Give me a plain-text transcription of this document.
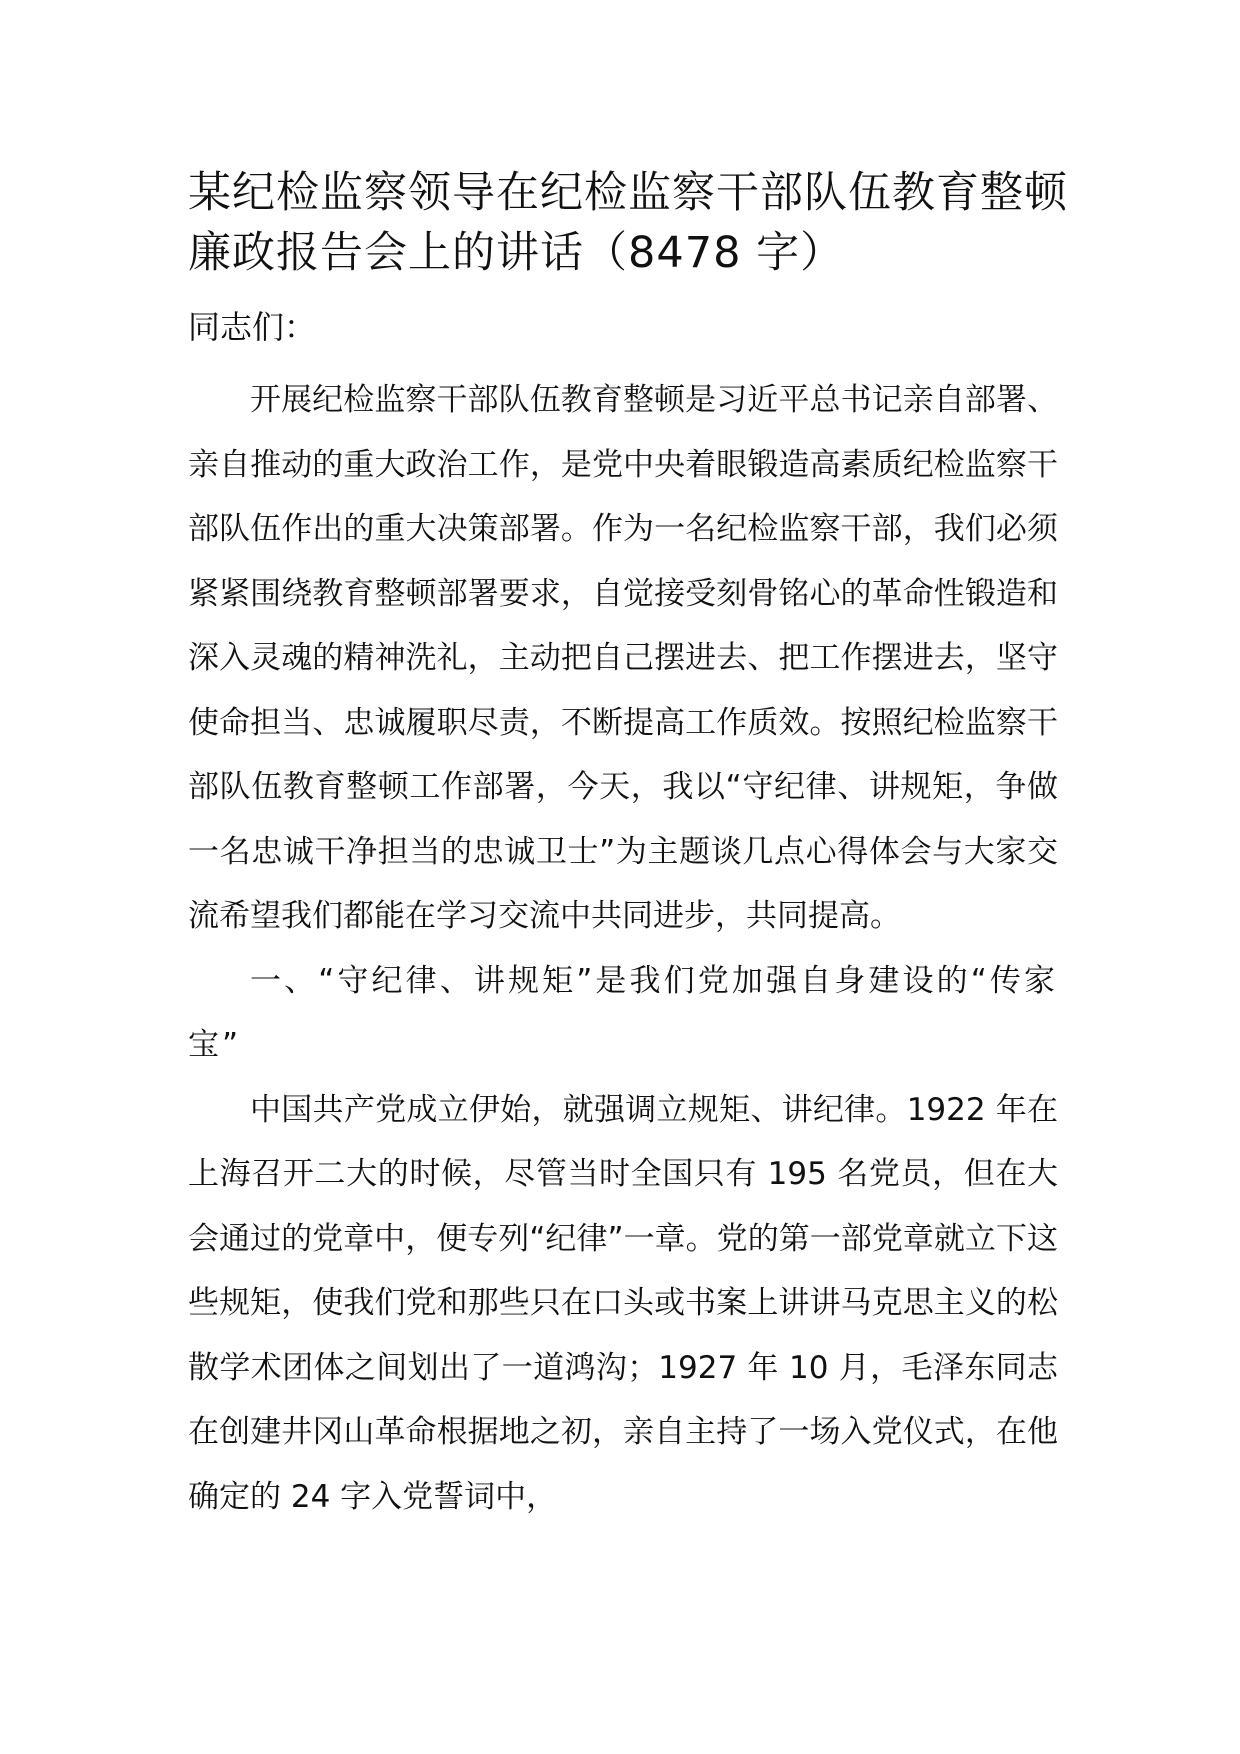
某纪检监察领导在纪检监察干部队伍教育整顿廉政报告会上的讲话（8478 字）

同志们：

开展纪检监察干部队伍教育整顿是习近平总书记亲自部署、亲自推动的重大政治工作，是党中央着眼锻造高素质纪检监察干部队伍作出的重大决策部署。作为一名纪检监察干部，我们必须紧紧围绕教育整顿部署要求，自觉接受刻骨铭心的革命性锻造和深入灵魂的精神洗礼，主动把自己摆进去、把工作摆进去，坚守使命担当、忠诚履职尽责，不断提高工作质效。按照纪检监察干部队伍教育整顿工作部署，今天，我以“守纪律、讲规矩，争做一名忠诚干净担当的忠诚卫士”为主题谈几点心得体会与大家交流希望我们都能在学习交流中共同进步，共同提高。

一、“守纪律、讲规矩”是我们党加强自身建设的“传家宝”

中国共产党成立伊始，就强调立规矩、讲纪律。1922 年在上海召开二大的时候，尽管当时全国只有 195 名党员，但在大会通过的党章中，便专列“纪律”一章。党的第一部党章就立下这些规矩，使我们党和那些只在口头或书案上讲讲马克思主义的松散学术团体之间划出了一道鸿沟；1927 年 10 月，毛泽东同志在创建井冈山革命根据地之初，亲自主持了一场入党仪式，在他确定的 24 字入党誓词中，
